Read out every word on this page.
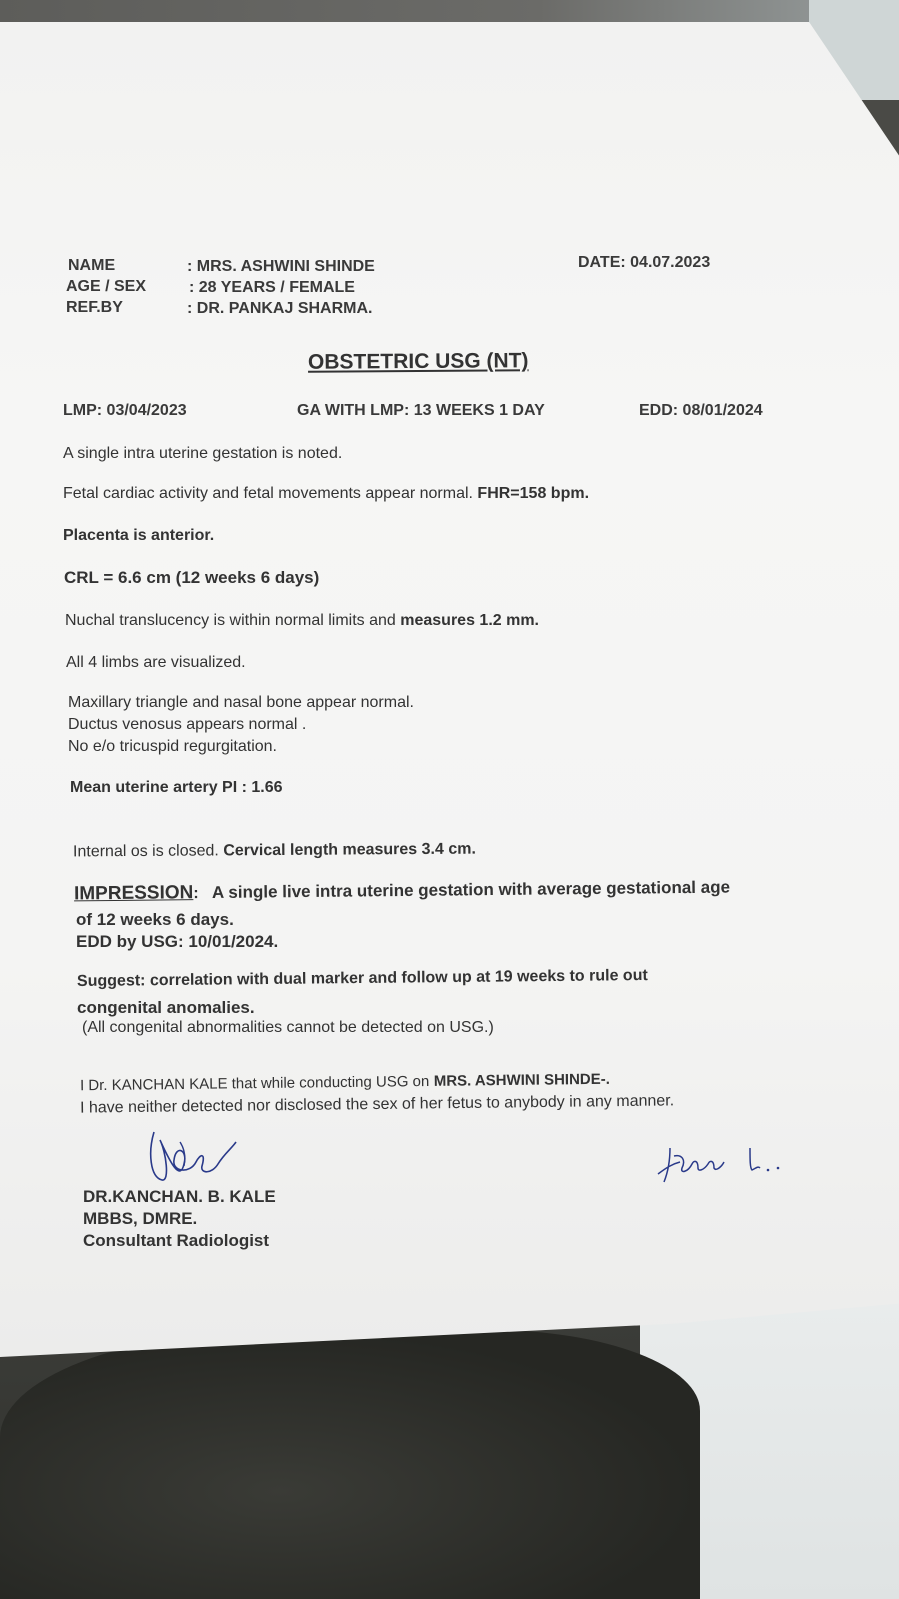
NAME	: MRS. ASHWINI SHINDE
AGE / SEX	: 28 YEARS / FEMALE
REF.BY	: DR. PANKAJ SHARMA.
DATE: 04.07.2023
OBSTETRIC USG (NT)
LMP: 03/04/2023	GA WITH LMP: 13 WEEKS 1 DAY	EDD: 08/01/2024
A single intra uterine gestation is noted.
Fetal cardiac activity and fetal movements appear normal. FHR=158 bpm.
Placenta is anterior.
CRL = 6.6 cm (12 weeks 6 days)
Nuchal translucency is within normal limits and measures 1.2 mm.
All 4 limbs are visualized.
Maxillary triangle and nasal bone appear normal.
Ductus venosus appears normal .
No e/o tricuspid regurgitation.
Mean uterine artery PI : 1.66
Internal os is closed. Cervical length measures 3.4 cm.
IMPRESSION: A single live intra uterine gestation with average gestational age
of 12 weeks 6 days.
EDD by USG: 10/01/2024.
Suggest: correlation with dual marker and follow up at 19 weeks to rule out
congenital anomalies.
(All congenital abnormalities cannot be detected on USG.)
I Dr. KANCHAN KALE that while conducting USG on MRS. ASHWINI SHINDE-.
I have neither detected nor disclosed the sex of her fetus to anybody in any manner.
DR.KANCHAN. B. KALE
MBBS, DMRE.
Consultant Radiologist
